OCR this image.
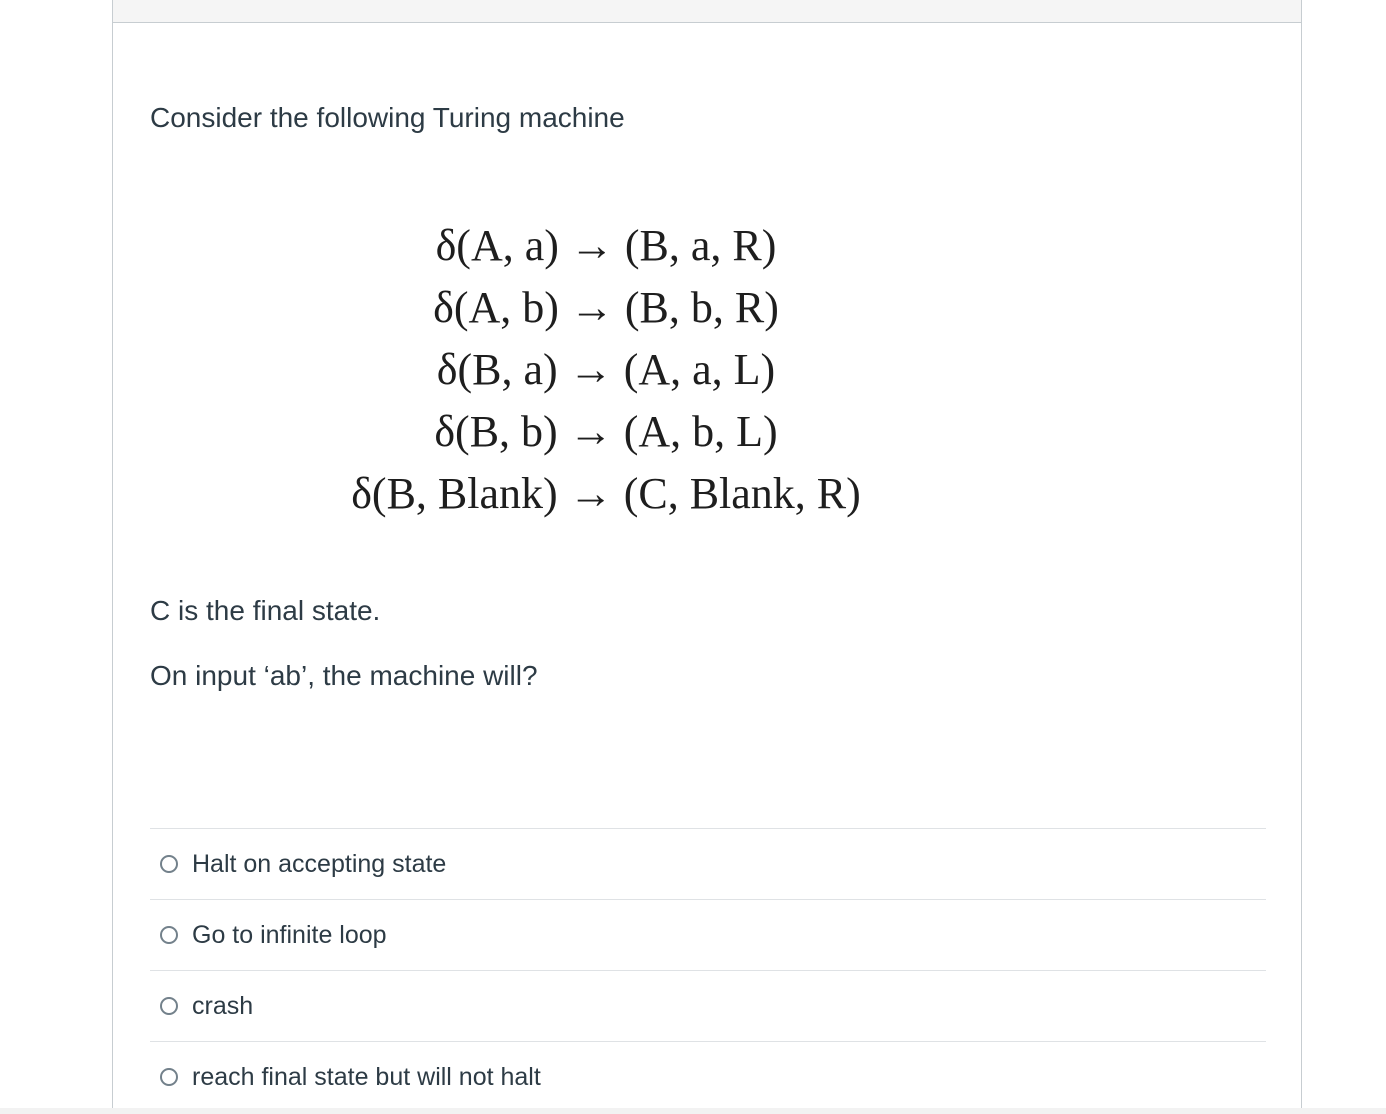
Consider the following Turing machine
δ(A, a) → (B, a, R)
δ(A, b) → (B, b, R)
δ(B, a) → (A, a, L)
δ(B, b) → (A, b, L)
δ(B, Blank) → (C, Blank, R)
C is the final state.
On input ‘ab’, the machine will?
Halt on accepting state
Go to infinite loop
crash
reach final state but will not halt
